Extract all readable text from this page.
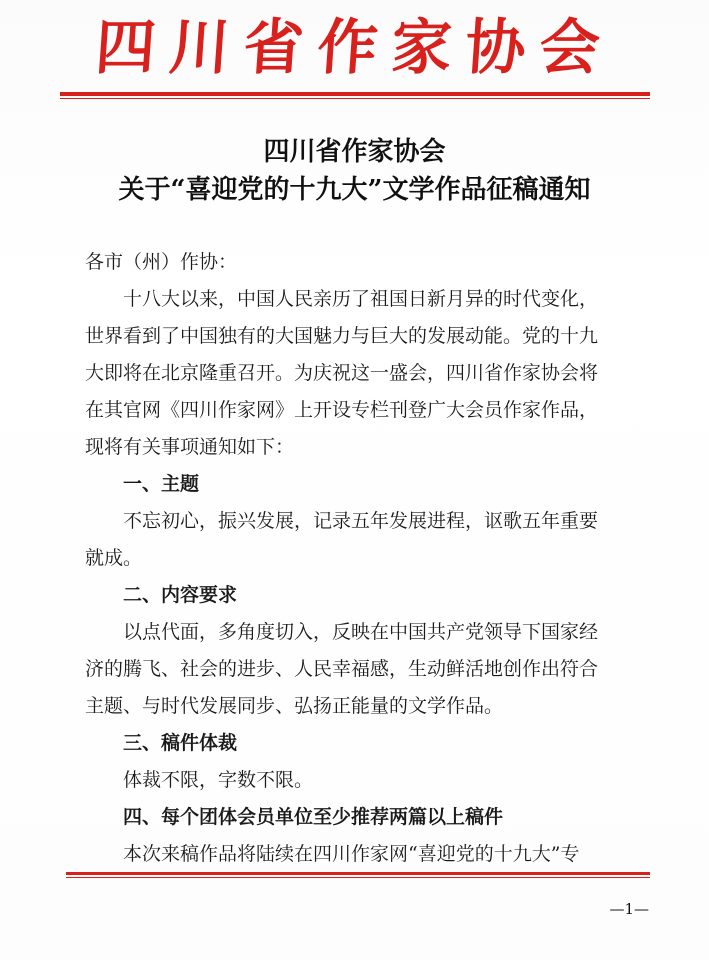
四川省作家协会
四川省作家协会
关于“喜迎党的十九大”文学作品征稿通知
各市（州）作协：
十八大以来，中国人民亲历了祖国日新月异的时代变化，
世界看到了中国独有的大国魅力与巨大的发展动能。党的十九
大即将在北京隆重召开。为庆祝这一盛会，四川省作家协会将
在其官网《四川作家网》上开设专栏刊登广大会员作家作品，
现将有关事项通知如下：
一、主题
不忘初心，振兴发展，记录五年发展进程，讴歌五年重要
就成。
二、内容要求
以点代面，多角度切入，反映在中国共产党领导下国家经
济的腾飞、社会的进步、人民幸福感，生动鲜活地创作出符合
主题、与时代发展同步、弘扬正能量的文学作品。
三、稿件体裁
体裁不限，字数不限。
四、每个团体会员单位至少推荐两篇以上稿件
本次来稿作品将陆续在四川作家网“喜迎党的十九大”专
—1—
